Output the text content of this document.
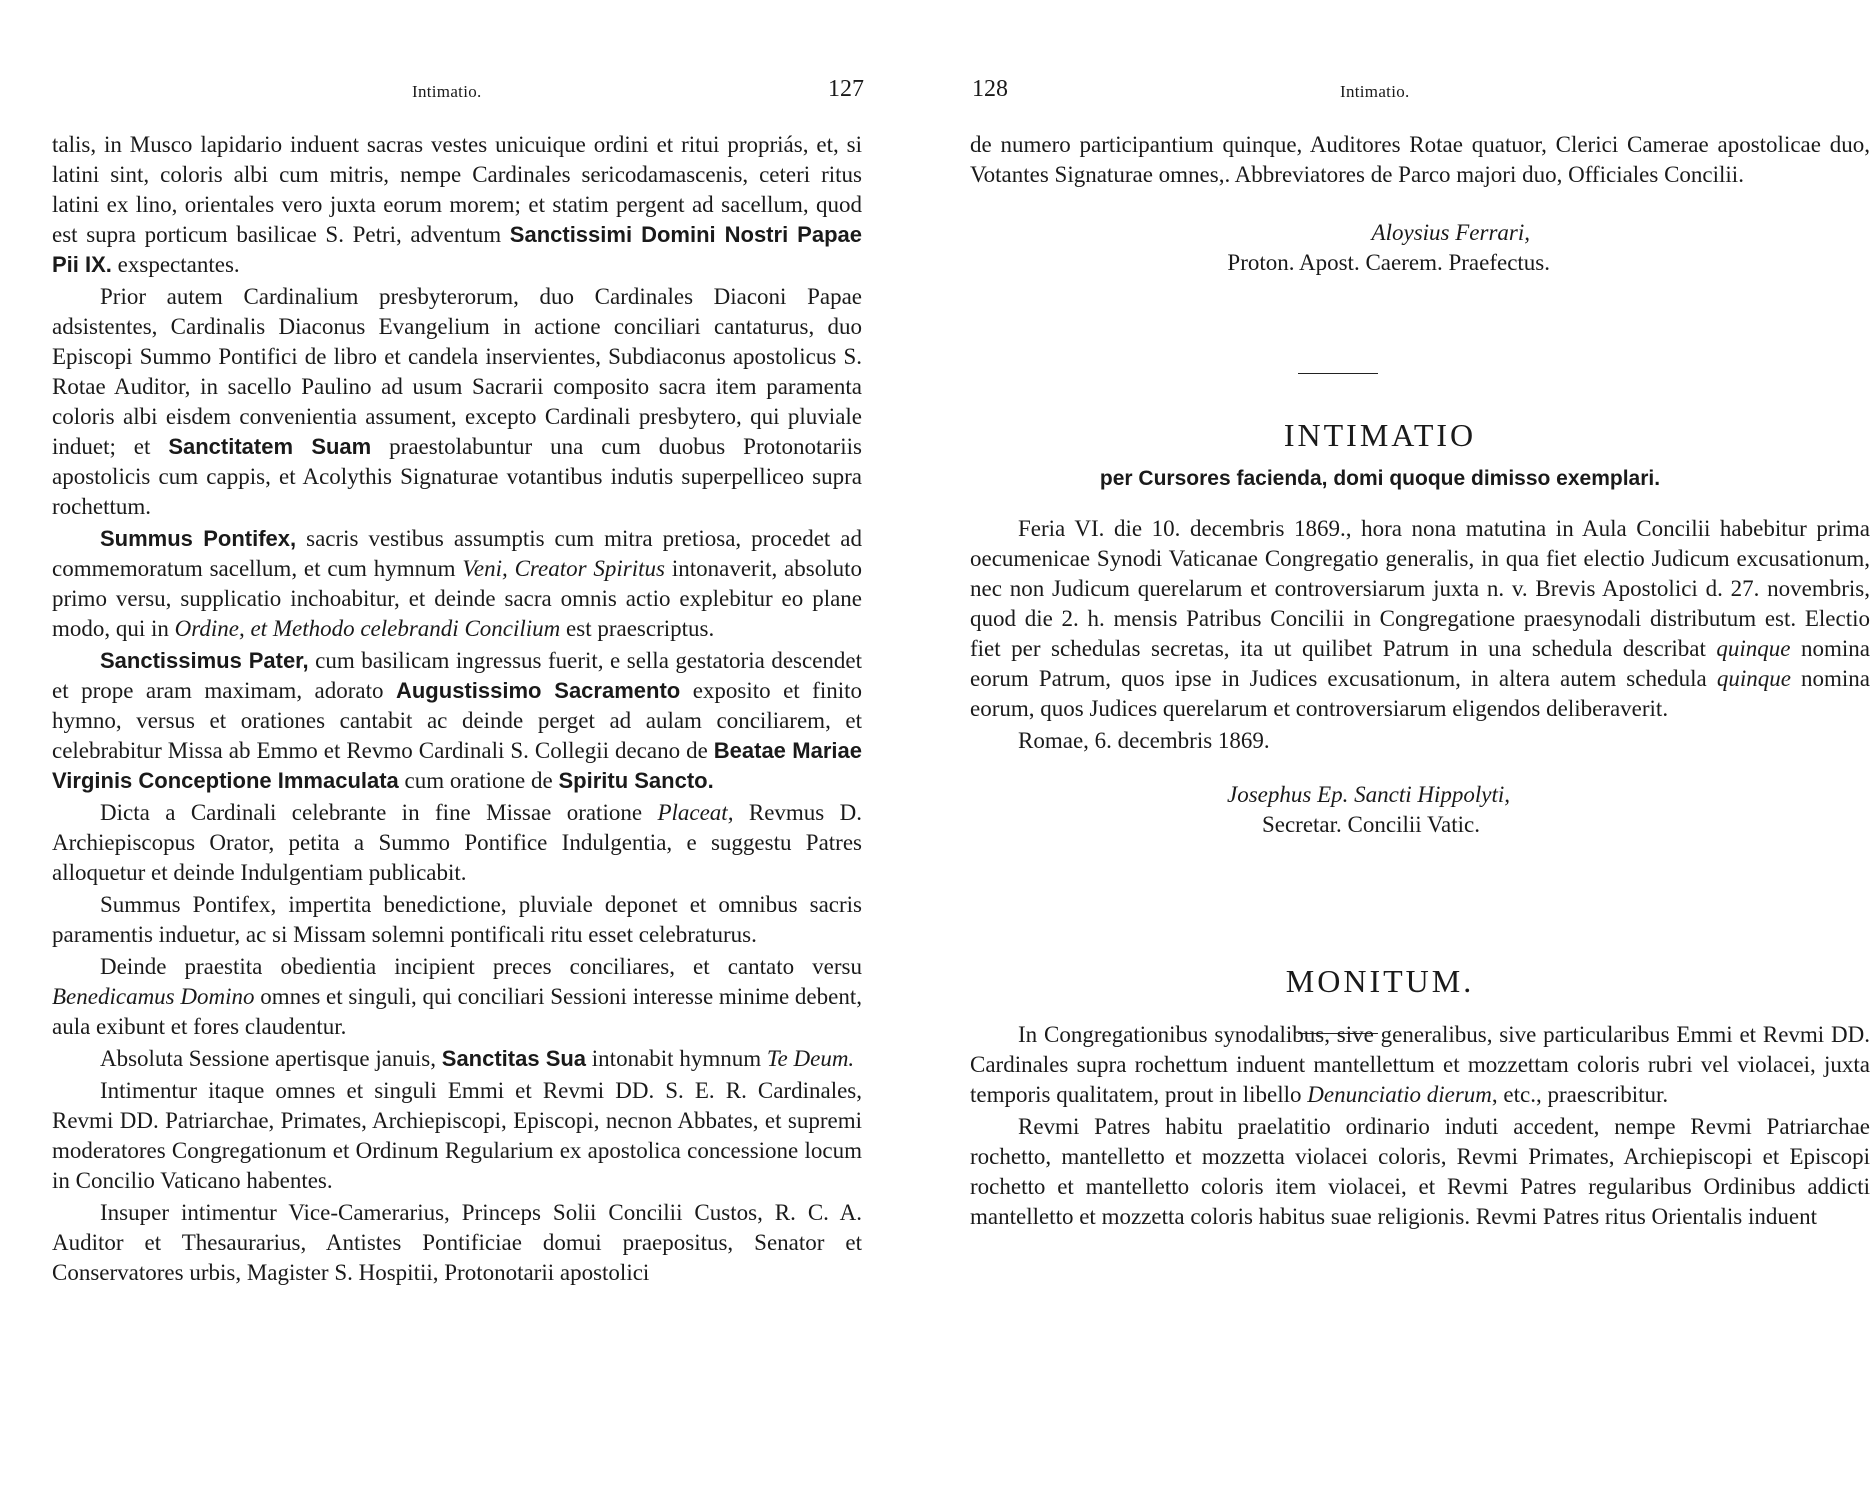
Intimatio.	127

talis, in Musco lapidario induent sacras vestes unicuique ordini et ritui propriás, et, si latini sint, coloris albi cum mitris, nempe Cardinales sericodamascenis, ceteri ritus latini ex lino, orientales vero juxta eorum morem; et statim pergent ad sacellum, quod est supra porticum basilicae S. Petri, adventum Sanctissimi Domini Nostri Papae Pii IX. exspectantes.

Prior autem Cardinalium presbyterorum, duo Cardinales Diaconi Papae adsistentes, Cardinalis Diaconus Evangelium in actione conciliari cantaturus, duo Episcopi Summo Pontifici de libro et candela inservientes, Subdiaconus apostolicus S. Rotae Auditor, in sacello Paulino ad usum Sacrarii composito sacra item paramenta coloris albi eisdem convenientia assument, excepto Cardinali presbytero, qui pluviale induet; et Sanctitatem Suam praestolabuntur una cum duobus Protonotariis apostolicis cum cappis, et Acolythis Signaturae votantibus indutis superpelliceo supra rochettum.

Summus Pontifex, sacris vestibus assumptis cum mitra pretiosa, procedet ad commemoratum sacellum, et cum hymnum Veni, Creator Spiritus intonaverit, absoluto primo versu, supplicatio inchoabitur, et deinde sacra omnis actio explebitur eo plane modo, qui in Ordine, et Methodo celebrandi Concilium est praescriptus.

Sanctissimus Pater, cum basilicam ingressus fuerit, e sella gestatoria descendet et prope aram maximam, adorato Augustissimo Sacramento exposito et finito hymno, versus et orationes cantabit ac deinde perget ad aulam conciliarem, et celebrabitur Missa ab Emmo et Revmo Cardinali S. Collegii decano de Beatae Mariae Virginis Conceptione Immaculata cum oratione de Spiritu Sancto.

Dicta a Cardinali celebrante in fine Missae oratione Placeat, Revmus D. Archiepiscopus Orator, petita a Summo Pontifice Indulgentia, e suggestu Patres alloquetur et deinde Indulgentiam publicabit.

Summus Pontifex, impertita benedictione, pluviale deponet et omnibus sacris paramentis induetur, ac si Missam solemni pontificali ritu esset celebraturus.

Deinde praestita obedientia incipient preces conciliares, et cantato versu Benedicamus Domino omnes et singuli, qui conciliari Sessioni interesse minime debent, aula exibunt et fores claudentur.

Absoluta Sessione apertisque januis, Sanctitas Sua intonabit hymnum Te Deum.

Intimentur itaque omnes et singuli Emmi et Revmi DD. S. E. R. Cardinales, Revmi DD. Patriarchae, Primates, Archiepiscopi, Episcopi, necnon Abbates, et supremi moderatores Congregationum et Ordinum Regularium ex apostolica concessione locum in Concilio Vaticano habentes.

Insuper intimentur Vice-Camerarius, Princeps Solii Concilii Custos, R. C. A. Auditor et Thesaurarius, Antistes Pontificiae domui praepositus, Senator et Conservatores urbis, Magister S. Hospitii, Protonotarii apostolici

128	Intimatio.

de numero participantium quinque, Auditores Rotae quatuor, Clerici Camerae apostolicae duo, Votantes Signaturae omnes,. Abbreviatores de Parco majori duo, Officiales Concilii.

Aloysius Ferrari,

Proton. Apost. Caerem. Praefectus.

INTIMATIO

per Cursores facienda, domi quoque dimisso exemplari.

Feria VI. die 10. decembris 1869., hora nona matutina in Aula Concilii habebitur prima oecumenicae Synodi Vaticanae Congregatio generalis, in qua fiet electio Judicum excusationum, nec non Judicum querelarum et controversiarum juxta n. v. Brevis Apostolici d. 27. novembris, quod die 2. h. mensis Patribus Concilii in Congregatione praesynodali distributum est. Electio fiet per schedulas secretas, ita ut quilibet Patrum in una schedula describat quinque nomina eorum Patrum, quos ipse in Judices excusationum, in altera autem schedula quinque nomina eorum, quos Judices querelarum et controversiarum eligendos deliberaverit.

Romae, 6. decembris 1869.

Josephus Ep. Sancti Hippolyti,

Secretar. Concilii Vatic.

MONITUM.

In Congregationibus synodalibus, sive generalibus, sive particularibus Emmi et Revmi DD. Cardinales supra rochettum induent mantellettum et mozzettam coloris rubri vel violacei, juxta temporis qualitatem, prout in libello Denunciatio dierum, etc., praescribitur.

Revmi Patres habitu praelatitio ordinario induti accedent, nempe Revmi Patriarchae rochetto, mantelletto et mozzetta violacei coloris, Revmi Primates, Archiepiscopi et Episcopi rochetto et mantelletto coloris item violacei, et Revmi Patres regularibus Ordinibus addicti mantelletto et mozzetta coloris habitus suae religionis. Revmi Patres ritus Orientalis induent
